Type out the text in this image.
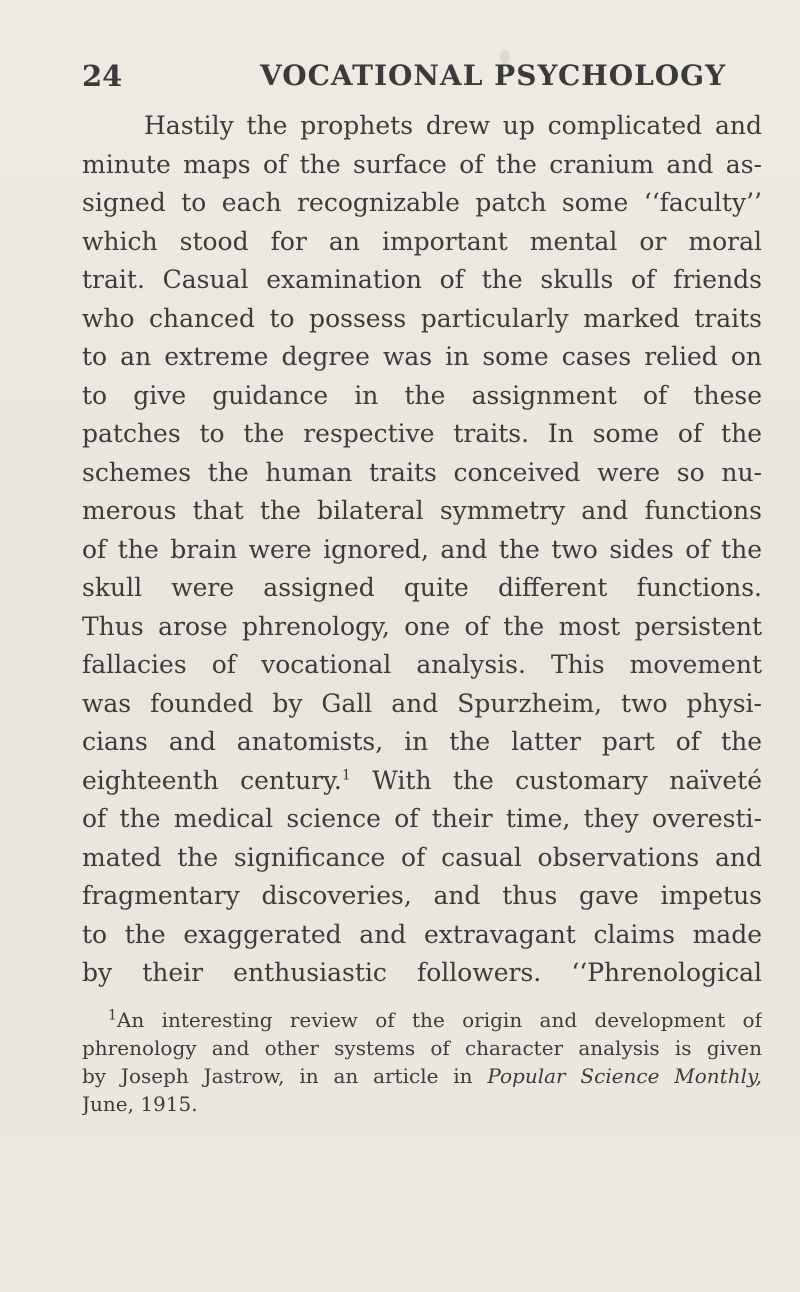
24	VOCATIONAL PSYCHOLOGY
Hastily the prophets drew up complicated and
minute maps of the surface of the cranium and as-
signed to each recognizable patch some ‘‘faculty’’
which stood for an important mental or moral
trait. Casual examination of the skulls of friends
who chanced to possess particularly marked traits
to an extreme degree was in some cases relied on
to give guidance in the assignment of these
patches to the respective traits. In some of the
schemes the human traits conceived were so nu-
merous that the bilateral symmetry and functions
of the brain were ignored, and the two sides of the
skull were assigned quite different functions.
Thus arose phrenology, one of the most persistent
fallacies of vocational analysis. This movement
was founded by Gall and Spurzheim, two physi-
cians and anatomists, in the latter part of the
eighteenth century.$^1$ With the customary naïveté
of the medical science of their time, they overesti-
mated the significance of casual observations and
fragmentary discoveries, and thus gave impetus
to the exaggerated and extravagant claims made
by their enthusiastic followers. ‘‘Phrenological
$^1$An interesting review of the origin and development of
phrenology and other systems of character analysis is given
by Joseph Jastrow, in an article in Popular Science Monthly,
June, 1915.
